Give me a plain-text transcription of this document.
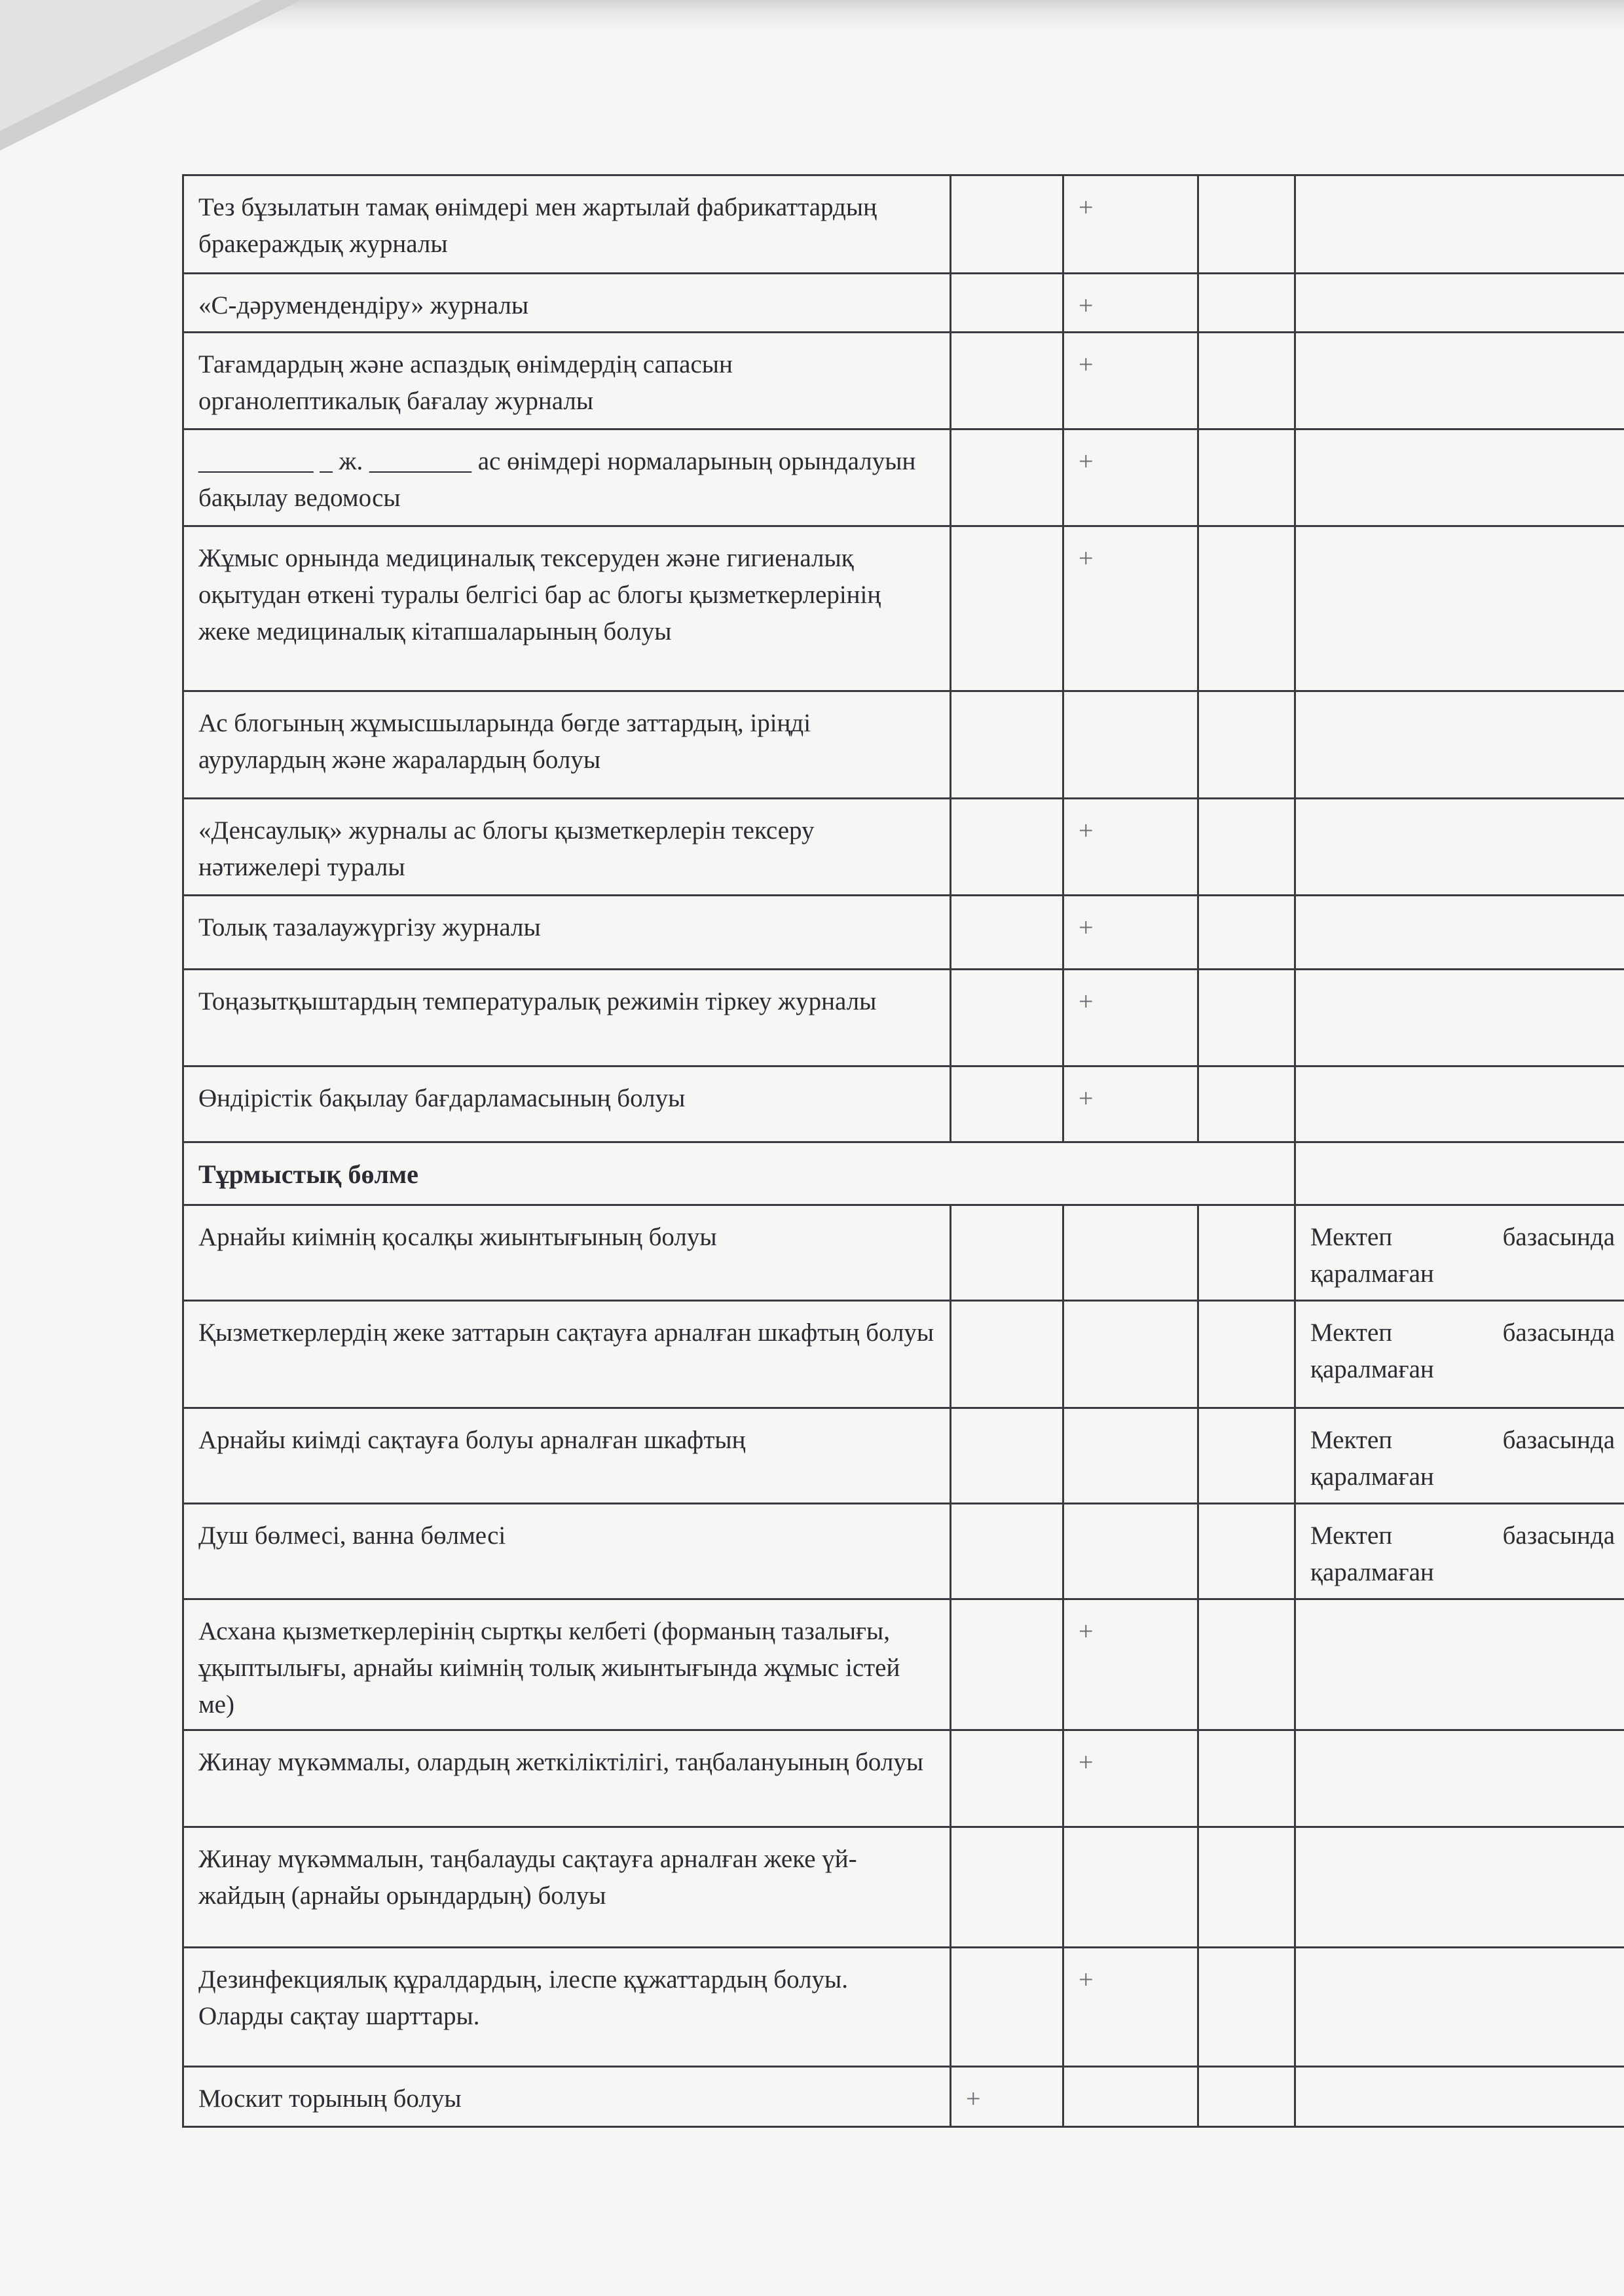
Тез бұзылатын тамақ өнімдері мен жартылай фабрикаттардың бракераждық журналы		+		
«С-дәрумендендіру» журналы		+		
Тағамдардың және аспаздық өнімдердің сапасын органолептикалық бағалау журналы		+		
_________ _ ж. ________ ас өнімдері нормаларының орындалуын бақылау ведомосы		+		
Жұмыс орнында медициналық тексеруден және гигиеналық оқытудан өткені туралы белгісі бар ас блогы қызметкерлерінің жеке медициналық кітапшаларының болуы		+		
Ас блогының жұмысшыларында бөгде заттардың, іріңді аурулардың және жаралардың болуы				
«Денсаулық» журналы ас блогы қызметкерлерін тексеру нәтижелері туралы		+		
Толық тазалаужүргізу журналы		+		
Тоңазытқыштардың температуралық режимін тіркеу журналы		+		
Өндірістік бақылау бағдарламасының болуы		+		
Тұрмыстық бөлме				
Арнайы киімнің қосалқы жиынтығының болуы				Мектеп базасында
қаралмаған

Қызметкерлердің жеке заттарын сақтауға арналған шкафтың болуы				Мектеп базасында
қаралмаған

Арнайы киімді сақтауға болуы арналған шкафтың				Мектеп базасында
қаралмаған

Душ бөлмесі, ванна бөлмесі				Мектеп базасында
қаралмаған

Асхана қызметкерлерінің сыртқы келбеті (форманың тазалығы, ұқыптылығы, арнайы киімнің толық жиынтығында жұмыс істей ме)		+		
Жинау мүкәммалы, олардың жеткіліктілігі, таңбалануының болуы		+		
Жинау мүкәммалын, таңбалауды сақтауға арналған жеке үй-жайдың (арнайы орындардың) болуы				
Дезинфекциялық құралдардың, ілеспе құжаттардың болуы. Оларды сақтау шарттары.		+		
Москит торының болуы	+			
